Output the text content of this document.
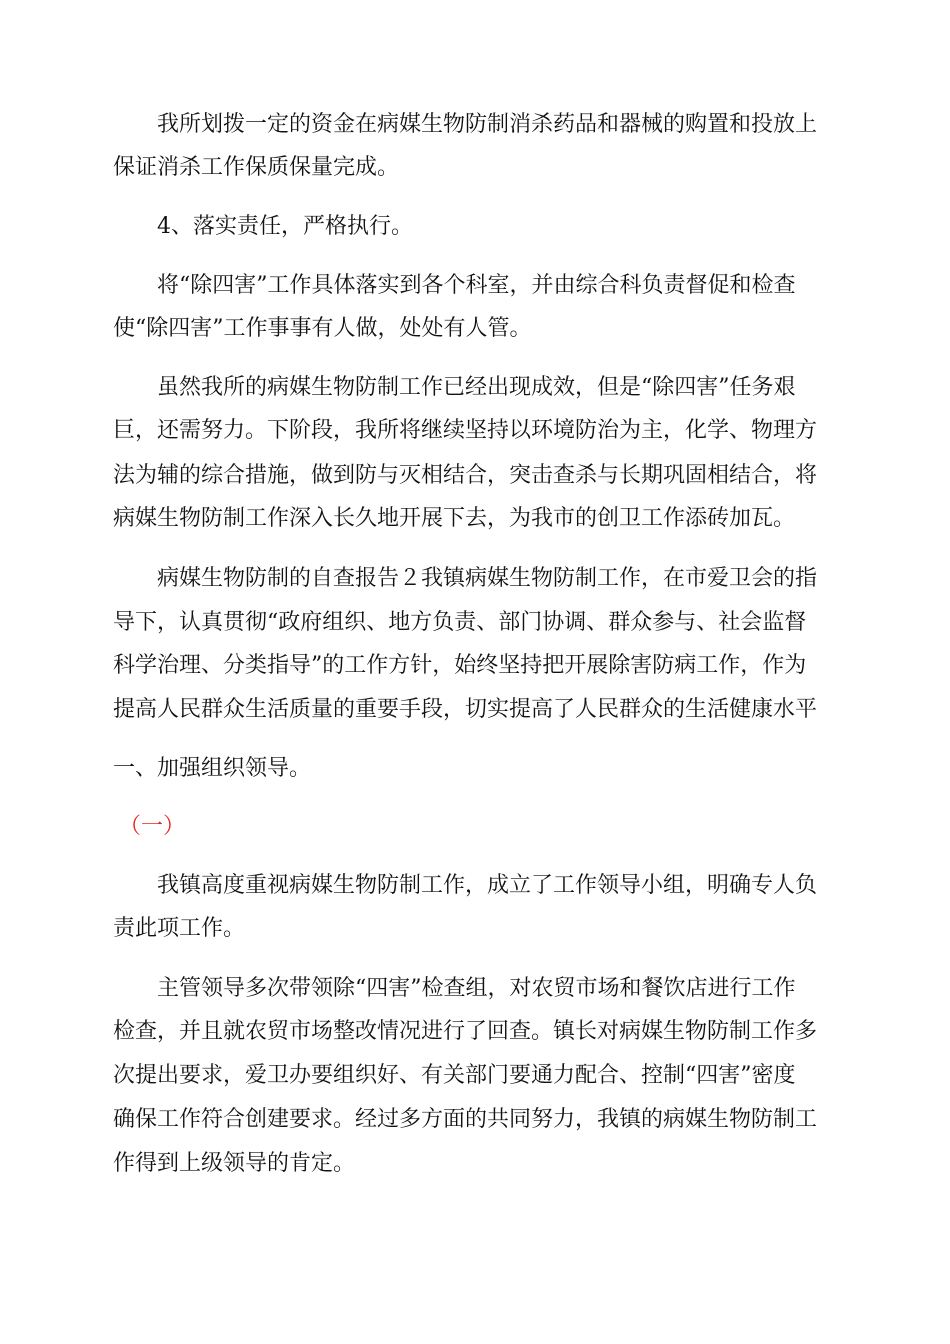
我所划拨一定的资金在病媒生物防制消杀药品和器械的购置和投放上
保证消杀工作保质保量完成。
4、落实责任，严格执行。
将“除四害”工作具体落实到各个科室，并由综合科负责督促和检查
使“除四害”工作事事有人做，处处有人管。
虽然我所的病媒生物防制工作已经出现成效，但是“除四害”任务艰
巨，还需努力。下阶段，我所将继续坚持以环境防治为主，化学、物理方
法为辅的综合措施，做到防与灭相结合，突击查杀与长期巩固相结合，将
病媒生物防制工作深入长久地开展下去，为我市的创卫工作添砖加瓦。
病媒生物防制的自查报告２我镇病媒生物防制工作，在市爱卫会的指
导下，认真贯彻“政府组织、地方负责、部门协调、群众参与、社会监督
科学治理、分类指导”的工作方针，始终坚持把开展除害防病工作，作为
提高人民群众生活质量的重要手段，切实提高了人民群众的生活健康水平
一、加强组织领导。
（一）
我镇高度重视病媒生物防制工作，成立了工作领导小组，明确专人负
责此项工作。
主管领导多次带领除“四害”检查组，对农贸市场和餐饮店进行工作
检查，并且就农贸市场整改情况进行了回查。镇长对病媒生物防制工作多
次提出要求，爱卫办要组织好、有关部门要通力配合、控制“四害”密度
确保工作符合创建要求。经过多方面的共同努力，我镇的病媒生物防制工
作得到上级领导的肯定。
